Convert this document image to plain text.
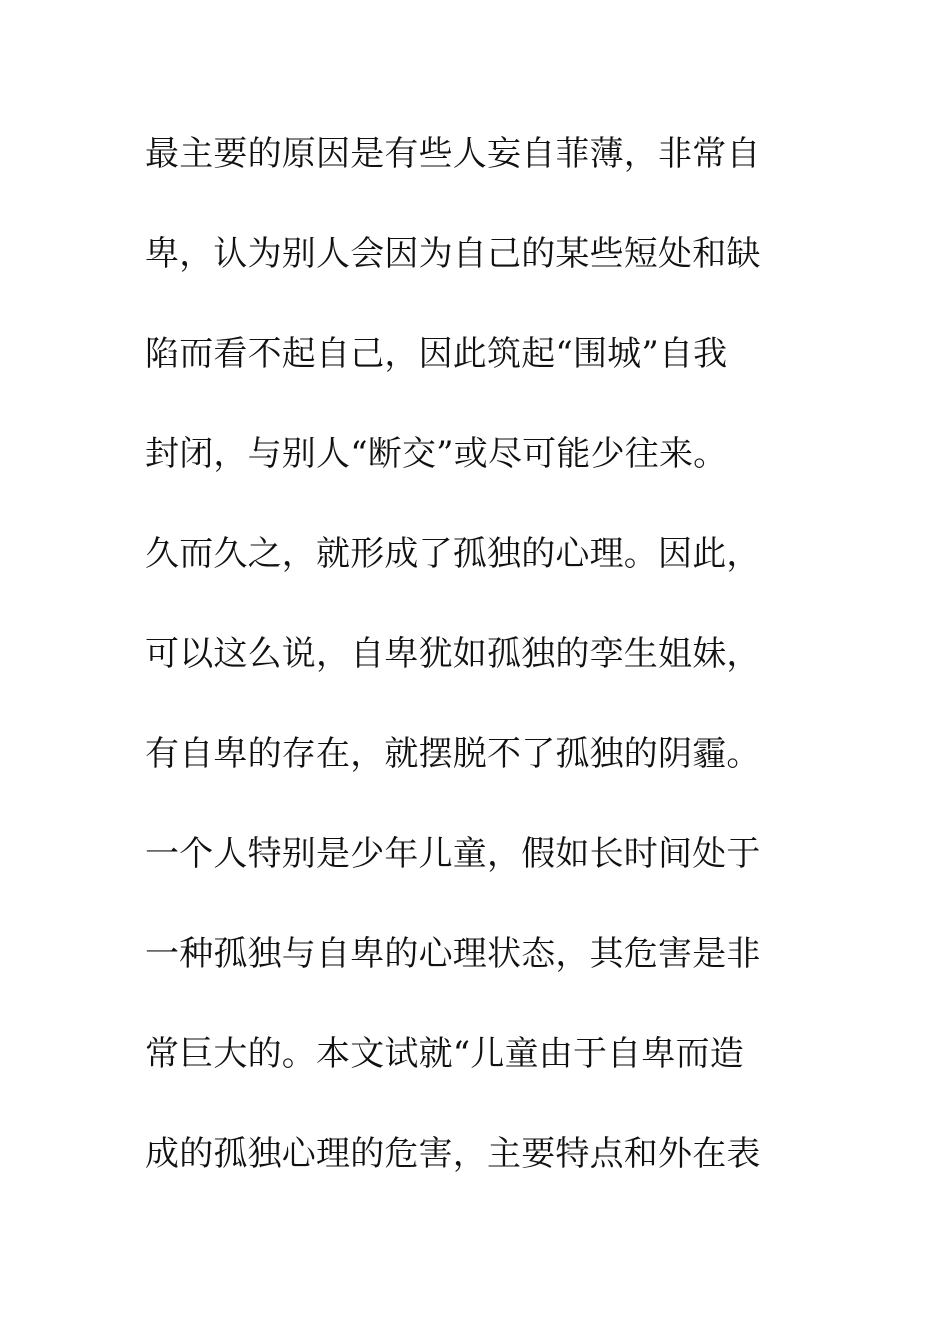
最主要的原因是有些人妄自菲薄，非常自
卑，认为别人会因为自己的某些短处和缺
陷而看不起自己，因此筑起“围城”自我
封闭，与别人“断交”或尽可能少往来。
久而久之，就形成了孤独的心理。因此，
可以这么说，自卑犹如孤独的孪生姐妹，
有自卑的存在，就摆脱不了孤独的阴霾。
一个人特别是少年儿童，假如长时间处于
一种孤独与自卑的心理状态，其危害是非
常巨大的。本文试就“儿童由于自卑而造
成的孤独心理的危害，主要特点和外在表
